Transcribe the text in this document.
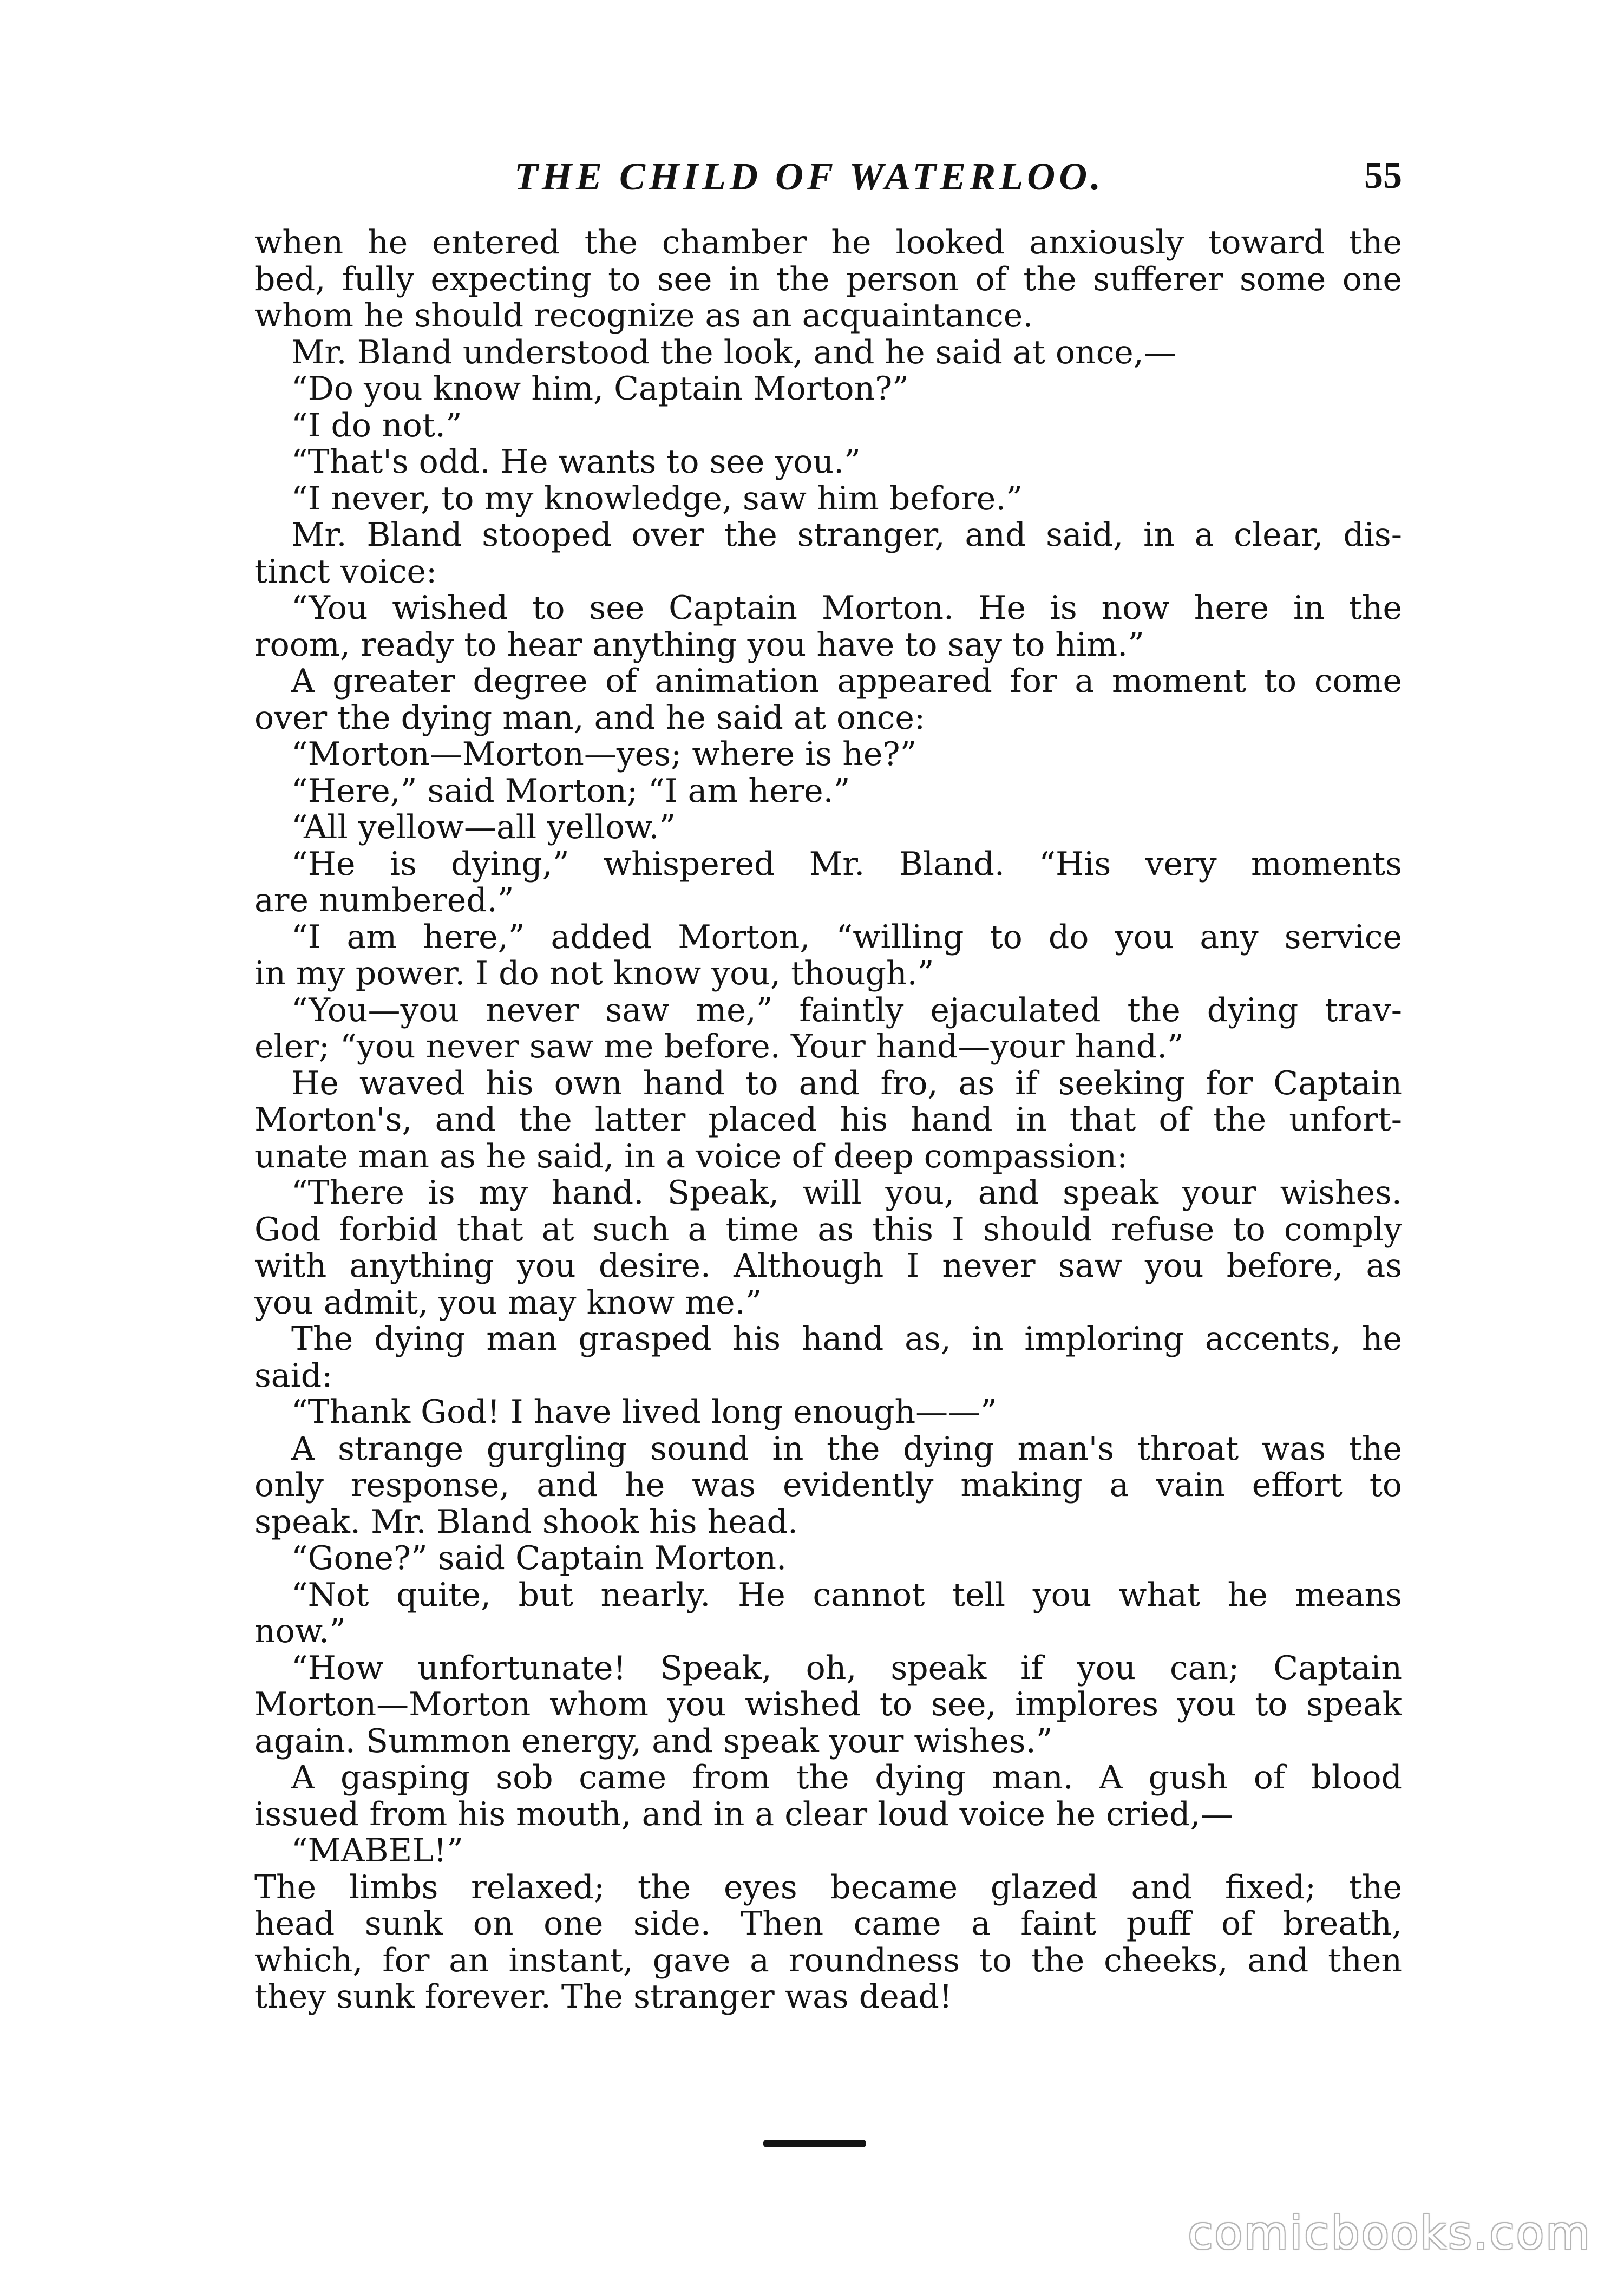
THE CHILD OF WATERLOO.	55
when he entered the chamber he looked anxiously toward the
bed, fully expecting to see in the person of the sufferer some one
whom he should recognize as an acquaintance.
Mr. Bland understood the look, and he said at once,—
“Do you know him, Captain Morton?”
“I do not.”
“That's odd. He wants to see you.”
“I never, to my knowledge, saw him before.”
Mr. Bland stooped over the stranger, and said, in a clear, dis-
tinct voice:
“You wished to see Captain Morton. He is now here in the
room, ready to hear anything you have to say to him.”
A greater degree of animation appeared for a moment to come
over the dying man, and he said at once:
“Morton—Morton—yes; where is he?”
“Here,” said Morton; “I am here.”
“All yellow—all yellow.”
“He is dying,” whispered Mr. Bland. “His very moments
are numbered.”
“I am here,” added Morton, “willing to do you any service
in my power. I do not know you, though.”
“You—you never saw me,” faintly ejaculated the dying trav-
eler; “you never saw me before. Your hand—your hand.”
He waved his own hand to and fro, as if seeking for Captain
Morton's, and the latter placed his hand in that of the unfort-
unate man as he said, in a voice of deep compassion:
“There is my hand. Speak, will you, and speak your wishes.
God forbid that at such a time as this I should refuse to comply
with anything you desire. Although I never saw you before, as
you admit, you may know me.”
The dying man grasped his hand as, in imploring accents, he
said:
“Thank God! I have lived long enough——”
A strange gurgling sound in the dying man's throat was the
only response, and he was evidently making a vain effort to
speak. Mr. Bland shook his head.
“Gone?” said Captain Morton.
“Not quite, but nearly. He cannot tell you what he means
now.”
“How unfortunate! Speak, oh, speak if you can; Captain
Morton—Morton whom you wished to see, implores you to speak
again. Summon energy, and speak your wishes.”
A gasping sob came from the dying man. A gush of blood
issued from his mouth, and in a clear loud voice he cried,—
“MABEL!”
The limbs relaxed; the eyes became glazed and fixed; the
head sunk on one side. Then came a faint puff of breath,
which, for an instant, gave a roundness to the cheeks, and then
they sunk forever. The stranger was dead!
comicbooks.com
